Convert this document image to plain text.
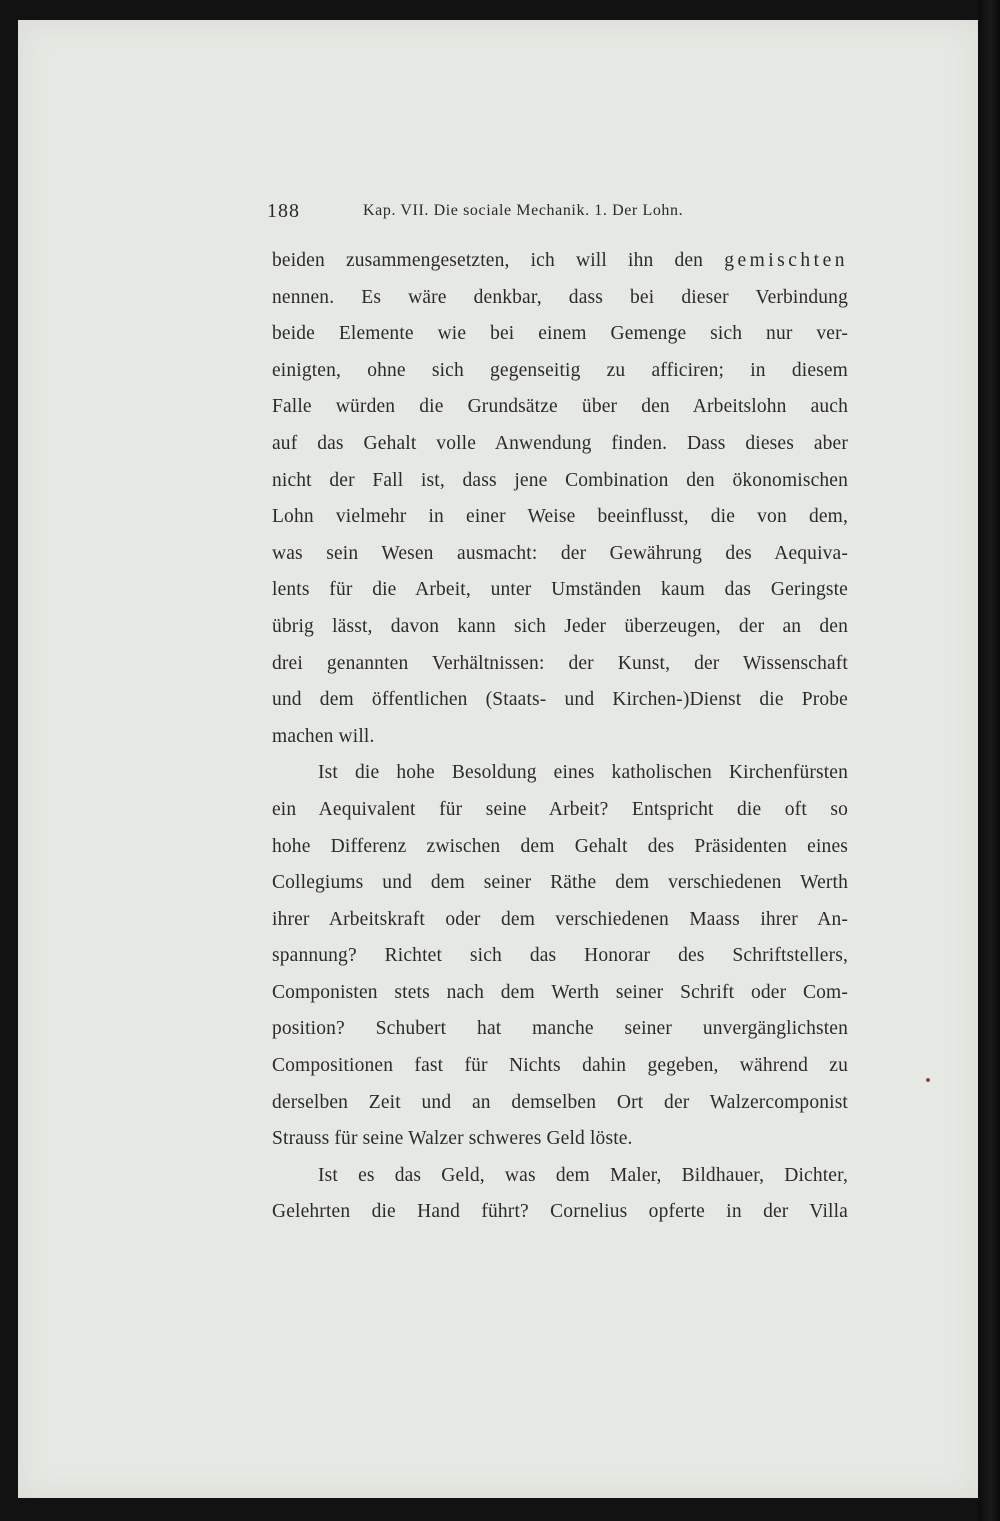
188	Kap. VII. Die sociale Mechanik. 1. Der Lohn.
beiden zusammengesetzten, ich will ihn den gemischten
nennen. Es wäre denkbar, dass bei dieser Verbindung
beide Elemente wie bei einem Gemenge sich nur ver-
einigten, ohne sich gegenseitig zu afficiren; in diesem
Falle würden die Grundsätze über den Arbeitslohn auch
auf das Gehalt volle Anwendung finden. Dass dieses aber
nicht der Fall ist, dass jene Combination den ökonomischen
Lohn vielmehr in einer Weise beeinflusst, die von dem,
was sein Wesen ausmacht: der Gewährung des Aequiva-
lents für die Arbeit, unter Umständen kaum das Geringste
übrig lässt, davon kann sich Jeder überzeugen, der an den
drei genannten Verhältnissen: der Kunst, der Wissenschaft
und dem öffentlichen (Staats- und Kirchen-)Dienst die Probe
machen will.
Ist die hohe Besoldung eines katholischen Kirchenfürsten
ein Aequivalent für seine Arbeit? Entspricht die oft so
hohe Differenz zwischen dem Gehalt des Präsidenten eines
Collegiums und dem seiner Räthe dem verschiedenen Werth
ihrer Arbeitskraft oder dem verschiedenen Maass ihrer An-
spannung? Richtet sich das Honorar des Schriftstellers,
Componisten stets nach dem Werth seiner Schrift oder Com-
position? Schubert hat manche seiner unvergänglichsten
Compositionen fast für Nichts dahin gegeben, während zu
derselben Zeit und an demselben Ort der Walzercomponist
Strauss für seine Walzer schweres Geld löste.
Ist es das Geld, was dem Maler, Bildhauer, Dichter,
Gelehrten die Hand führt? Cornelius opferte in der Villa
